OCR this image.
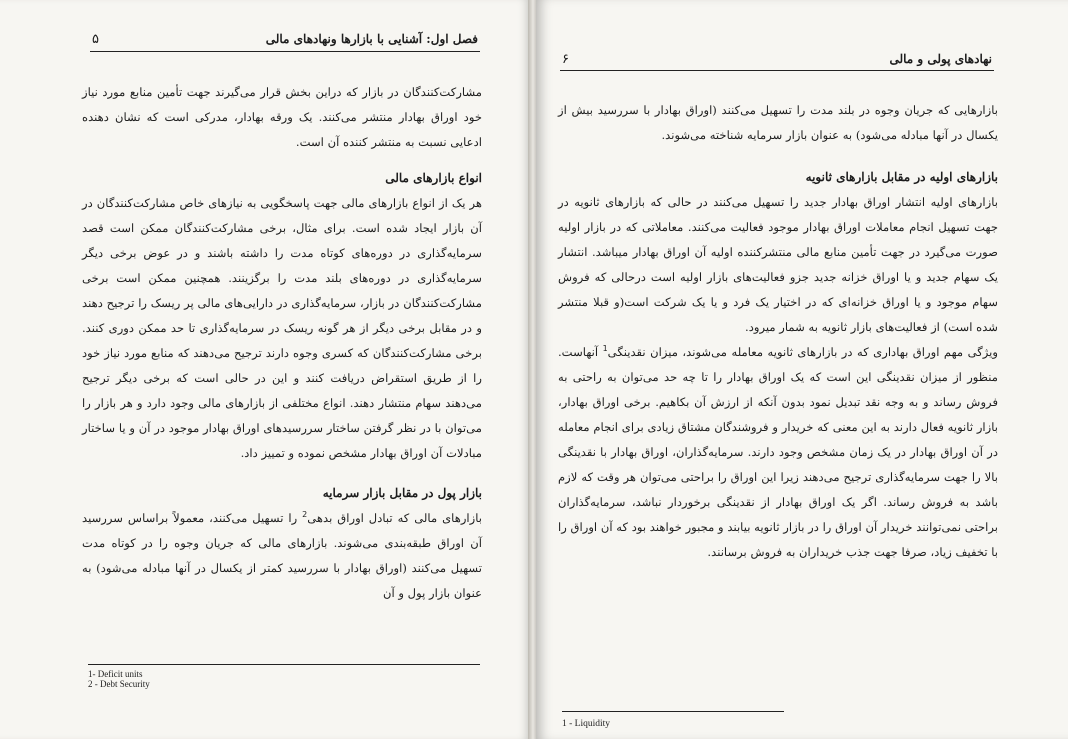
فصل اول: آشنایی با بازارها ونهادهای مالی
۵

مشارکت‌کنندگان در بازار که دراین بخش قرار می‌گیرند جهت تأمین منابع مورد نیاز خود اوراق بهادار منتشر می‌کنند. یک ورقه بهادار، مدرکی است که نشان دهنده ادعایی نسبت به منتشر کننده آن است.

انواع بازارهای مالی

هر یک از انواع بازارهای مالی جهت پاسخگویی به نیازهای خاص مشارکت‌کنندگان در آن بازار ایجاد شده است. برای مثال، برخی مشارکت‌کنندگان ممکن است قصد سرمایه‌گذاری در دوره‌های کوتاه مدت را داشته باشند و در عوض برخی دیگر سرمایه‌گذاری در دوره‌های بلند مدت را برگزینند. همچنین ممکن است برخی مشارکت‌کنندگان در بازار، سرمایه‌گذاری در دارایی‌های مالی پر ریسک را ترجیح دهند و در مقابل برخی دیگر از هر گونه ریسک در سرمایه‌گذاری تا حد ممکن دوری کنند. برخی مشارکت‌کنندگان که کسری وجوه دارند ترجیح می‌دهند که منابع مورد نیاز خود را از طریق استقراض دریافت کنند و این در حالی است که برخی دیگر ترجیح می‌دهند سهام منتشار دهند. انواع مختلفی از بازارهای مالی وجود دارد و هر بازار را می‌توان با در نظر گرفتن ساختار سررسیدهای اوراق بهادار موجود در آن و یا ساختار مبادلات آن اوراق بهادار مشخص نموده و تمییز داد.

بازار پول در مقابل بازار سرمایه

بازارهای مالی که تبادل اوراق بدهی$^2$ را تسهیل می‌کنند، معمولاً براساس سررسید آن اوراق طبقه‌بندی می‌شوند. بازارهای مالی که جریان وجوه را در کوتاه مدت تسهیل می‌کنند (اوراق بهادار با سررسید کمتر از یکسال در آنها مبادله می‌شود) به عنوان بازار پول و آن

1- Deficit units
2 - Debt Security
نهادهای پولی و مالی
۶

بازارهایی که جریان وجوه در بلند مدت را تسهیل می‌کنند (اوراق بهادار با سررسید بیش از یکسال در آنها مبادله می‌شود) به عنوان بازار سرمایه شناخته می‌شوند.

بازارهای اولیه در مقابل بازارهای ثانویه

بازارهای اولیه انتشار اوراق بهادار جدید را تسهیل می‌کنند در حالی که بازارهای ثانویه در جهت تسهیل انجام معاملات اوراق بهادار موجود فعالیت می‌کنند. معاملاتی که در بازار اولیه صورت می‌گیرد در جهت تأمین منابع مالی منتشرکننده اولیه آن اوراق بهادار میباشد. انتشار یک سهام جدید و یا اوراق خزانه جدید جزو فعالیت‌های بازار اولیه است درحالی که فروش سهام موجود و یا اوراق خزانه‌ای که در اختیار یک فرد و یا یک شرکت است(و قبلا منتشر شده است) از فعالیت‌های بازار ثانویه به شمار میرود.

ویژگی مهم اوراق بهاداری که در بازارهای ثانویه معامله می‌شوند، میزان نقدینگی$^1$ آنهاست. منظور از میزان نقدینگی این است که یک اوراق بهادار را تا چه حد می‌توان به راحتی به فروش رساند و به وجه نقد تبدیل نمود بدون آنکه از ارزش آن بکاهیم. برخی اوراق بهادار، بازار ثانویه فعال دارند به این معنی که خریدار و فروشندگان مشتاق زیادی برای انجام معامله در آن اوراق بهادار در یک زمان مشخص وجود دارند. سرمایه‌گذاران، اوراق بهادار با نقدینگی بالا را جهت سرمایه‌گذاری ترجیح می‌دهند زیرا این اوراق را براحتی می‌توان هر وقت که لازم باشد به فروش رساند. اگر یک اوراق بهادار از نقدینگی برخوردار نباشد، سرمایه‌گذاران براحتی نمی‌توانند خریدار آن اوراق را در بازار ثانویه بیابند و مجبور خواهند بود که آن اوراق را با تخفیف زیاد، صرفا جهت جذب خریداران به فروش برسانند.

1 - Liquidity
